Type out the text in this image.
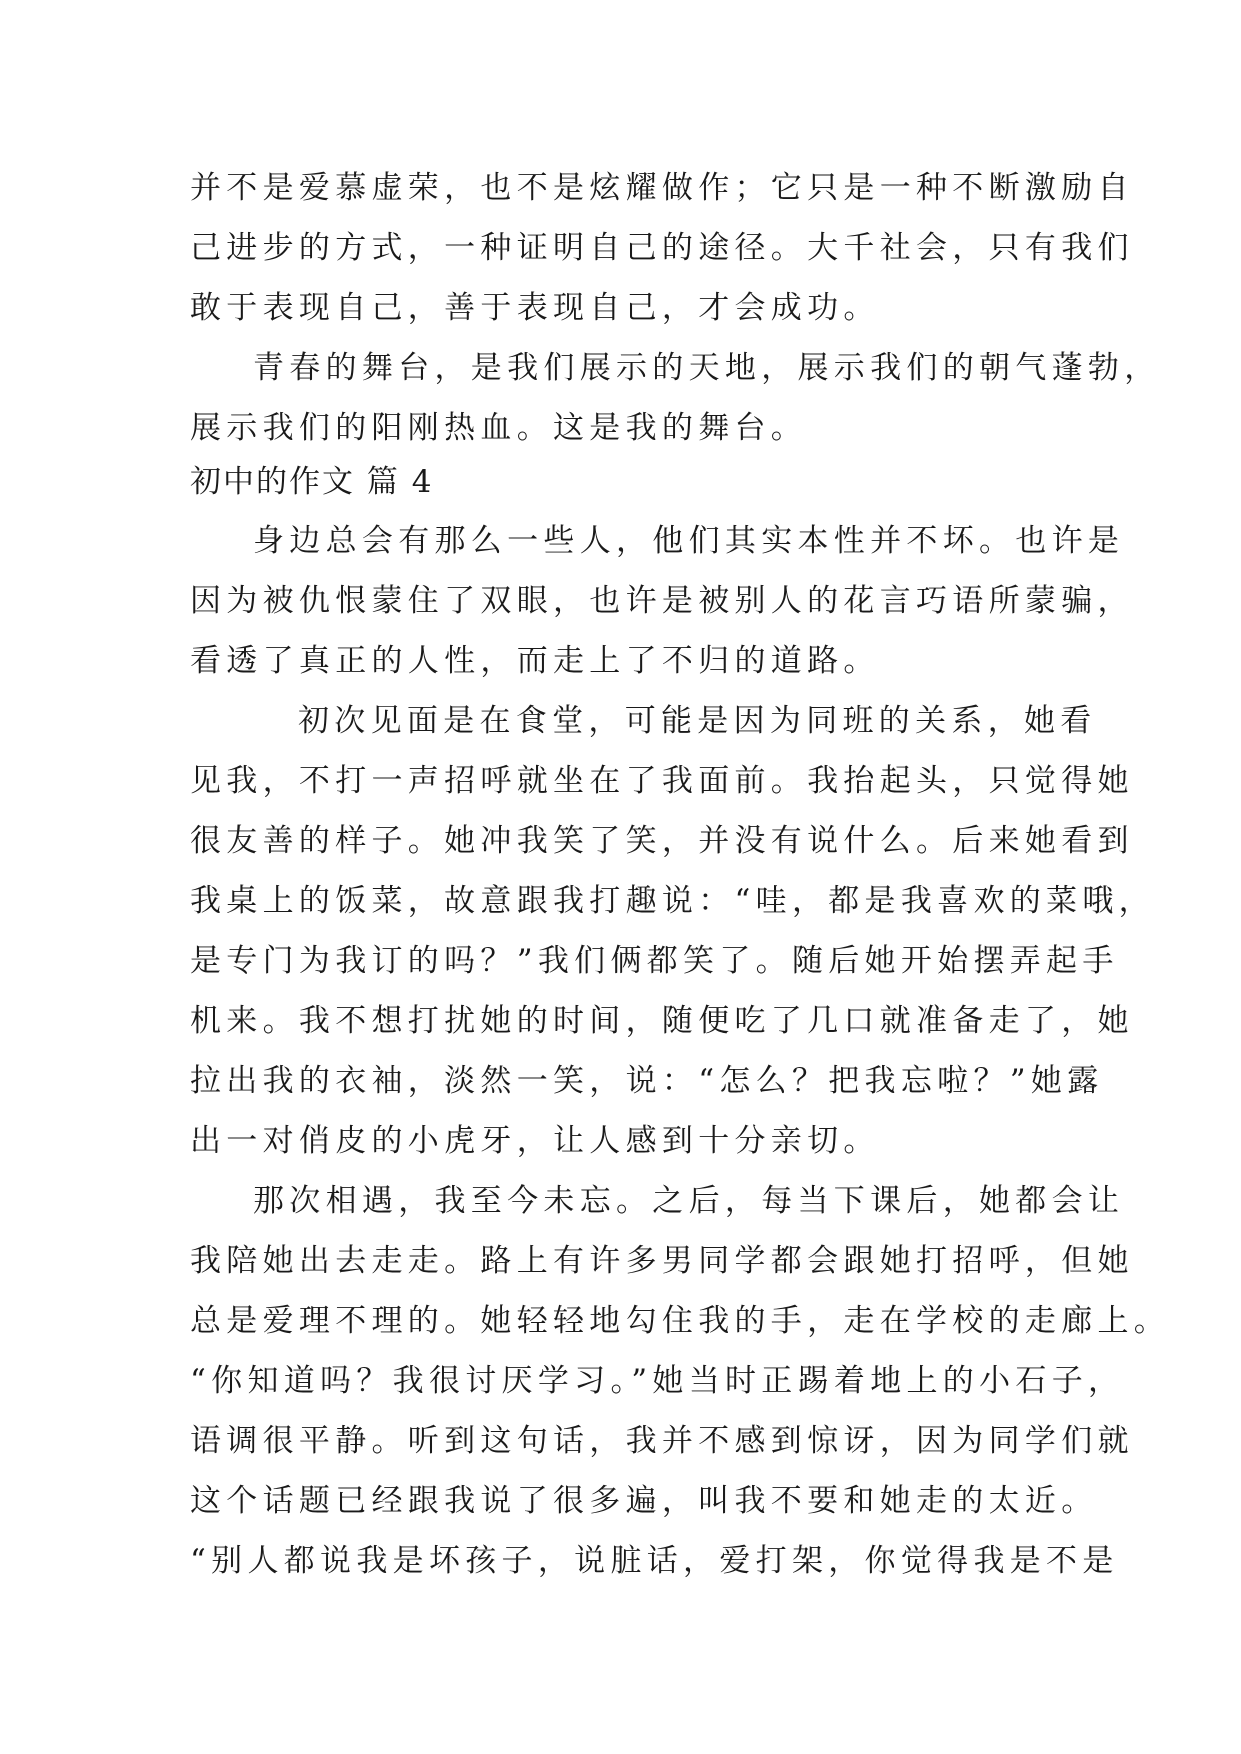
并不是爱慕虚荣，也不是炫耀做作；它只是一种不断激励自
己进步的方式，一种证明自己的途径。大千社会，只有我们
敢于表现自己，善于表现自己，才会成功。
青春的舞台，是我们展示的天地，展示我们的朝气蓬勃，
展示我们的阳刚热血。这是我的舞台。
初中的作文 篇 4
身边总会有那么一些人，他们其实本性并不坏。也许是
因为被仇恨蒙住了双眼，也许是被别人的花言巧语所蒙骗，
看透了真正的人性，而走上了不归的道路。
初次见面是在食堂，可能是因为同班的关系，她看
见我，不打一声招呼就坐在了我面前。我抬起头，只觉得她
很友善的样子。她冲我笑了笑，并没有说什么。后来她看到
我桌上的饭菜，故意跟我打趣说：“哇，都是我喜欢的菜哦，
是专门为我订的吗？”我们俩都笑了。随后她开始摆弄起手
机来。我不想打扰她的时间，随便吃了几口就准备走了，她
拉出我的衣袖，淡然一笑，说：“怎么？把我忘啦？”她露
出一对俏皮的小虎牙，让人感到十分亲切。
那次相遇，我至今未忘。之后，每当下课后，她都会让
我陪她出去走走。路上有许多男同学都会跟她打招呼，但她
总是爱理不理的。她轻轻地勾住我的手，走在学校的走廊上。
“你知道吗？我很讨厌学习。”她当时正踢着地上的小石子，
语调很平静。听到这句话，我并不感到惊讶，因为同学们就
这个话题已经跟我说了很多遍，叫我不要和她走的太近。
“别人都说我是坏孩子，说脏话，爱打架，你觉得我是不是
